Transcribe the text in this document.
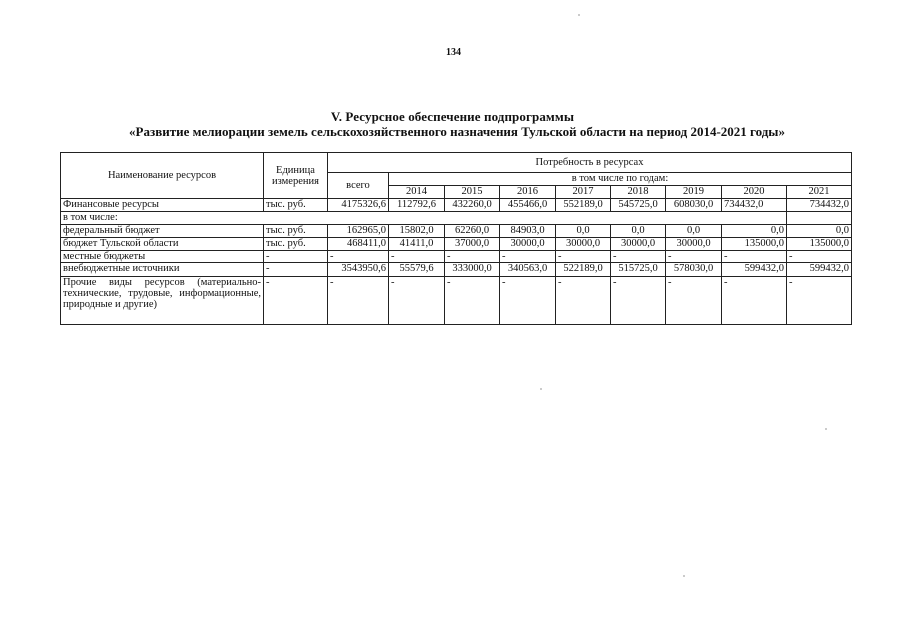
134
V. Ресурсное обеспечение подпрограммы
«Развитие мелиорации земель сельскохозяйственного назначения Тульской области на период 2014-2021 годы»
Наименование ресурсов	Единица измерения	Потребность в ресурсах								
		всего	в том числе по годам:							
			2014	2015	2016	2017	2018	2019	2020	2021
Финансовые ресурсы	тыс. руб.	4175326,6	112792,6	432260,0	455466,0	552189,0	545725,0	608030,0	734432,0	734432,0
в том числе:										
федеральный бюджет	тыс. руб.	162965,0	15802,0	62260,0	84903,0	0,0	0,0	0,0	0,0	0,0
бюджет Тульской области	тыс. руб.	468411,0	41411,0	37000,0	30000,0	30000,0	30000,0	30000,0	135000,0	135000,0
местные бюджеты	-	-	-	-	-	-	-	-	-	-
внебюджетные источники	-	3543950,6	55579,6	333000,0	340563,0	522189,0	515725,0	578030,0	599432,0	599432,0
Прочие виды ресурсов (материально-технические, трудовые, информационные, природные и другие)	-	-	-	-	-	-	-	-	-	-
